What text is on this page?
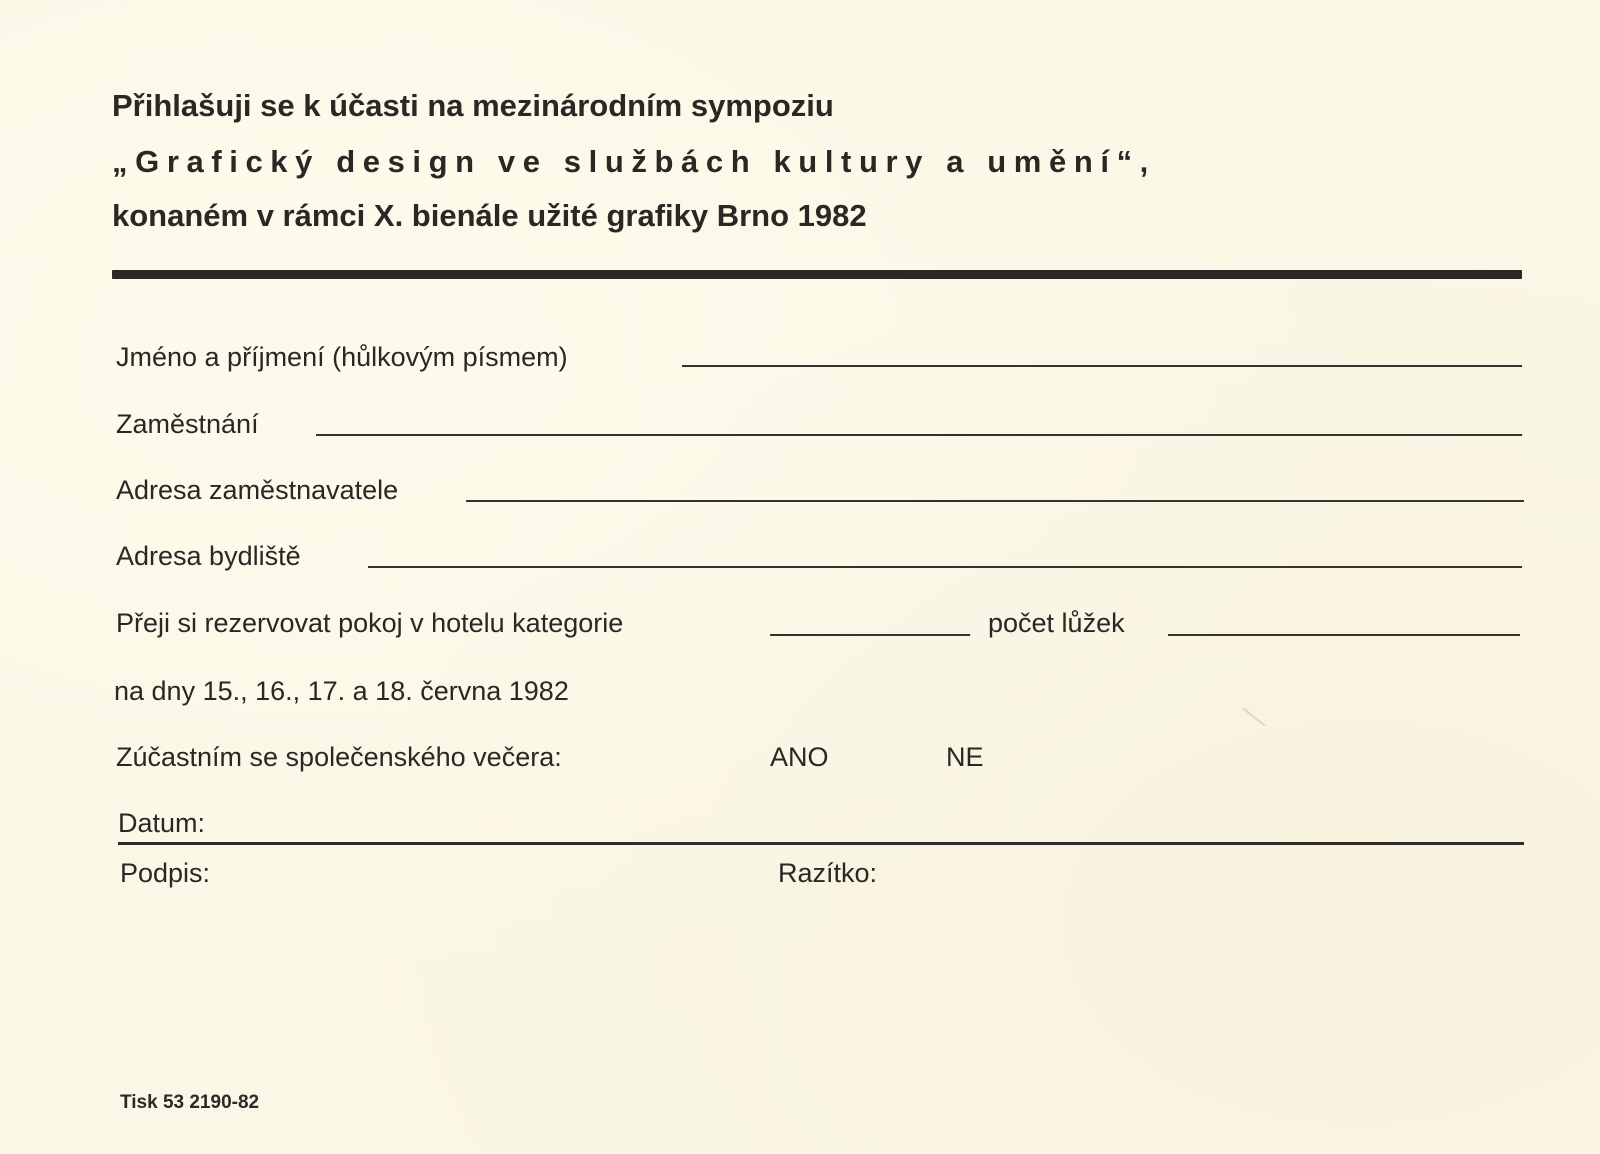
Přihlašuji se k účasti na mezinárodním sympoziu
„Grafický design ve službách kultury a umění“,
konaném v rámci X. bienále užité grafiky Brno 1982
Jméno a příjmení (hůlkovým písmem)
Zaměstnání
Adresa zaměstnavatele
Adresa bydliště
Přeji si rezervovat pokoj v hotelu kategorie	počet lůžek
na dny 15., 16., 17. a 18. června 1982
Zúčastním se společenského večera:	ANO	NE
Datum:
Podpis:	Razítko:
Tisk 53 2190-82
